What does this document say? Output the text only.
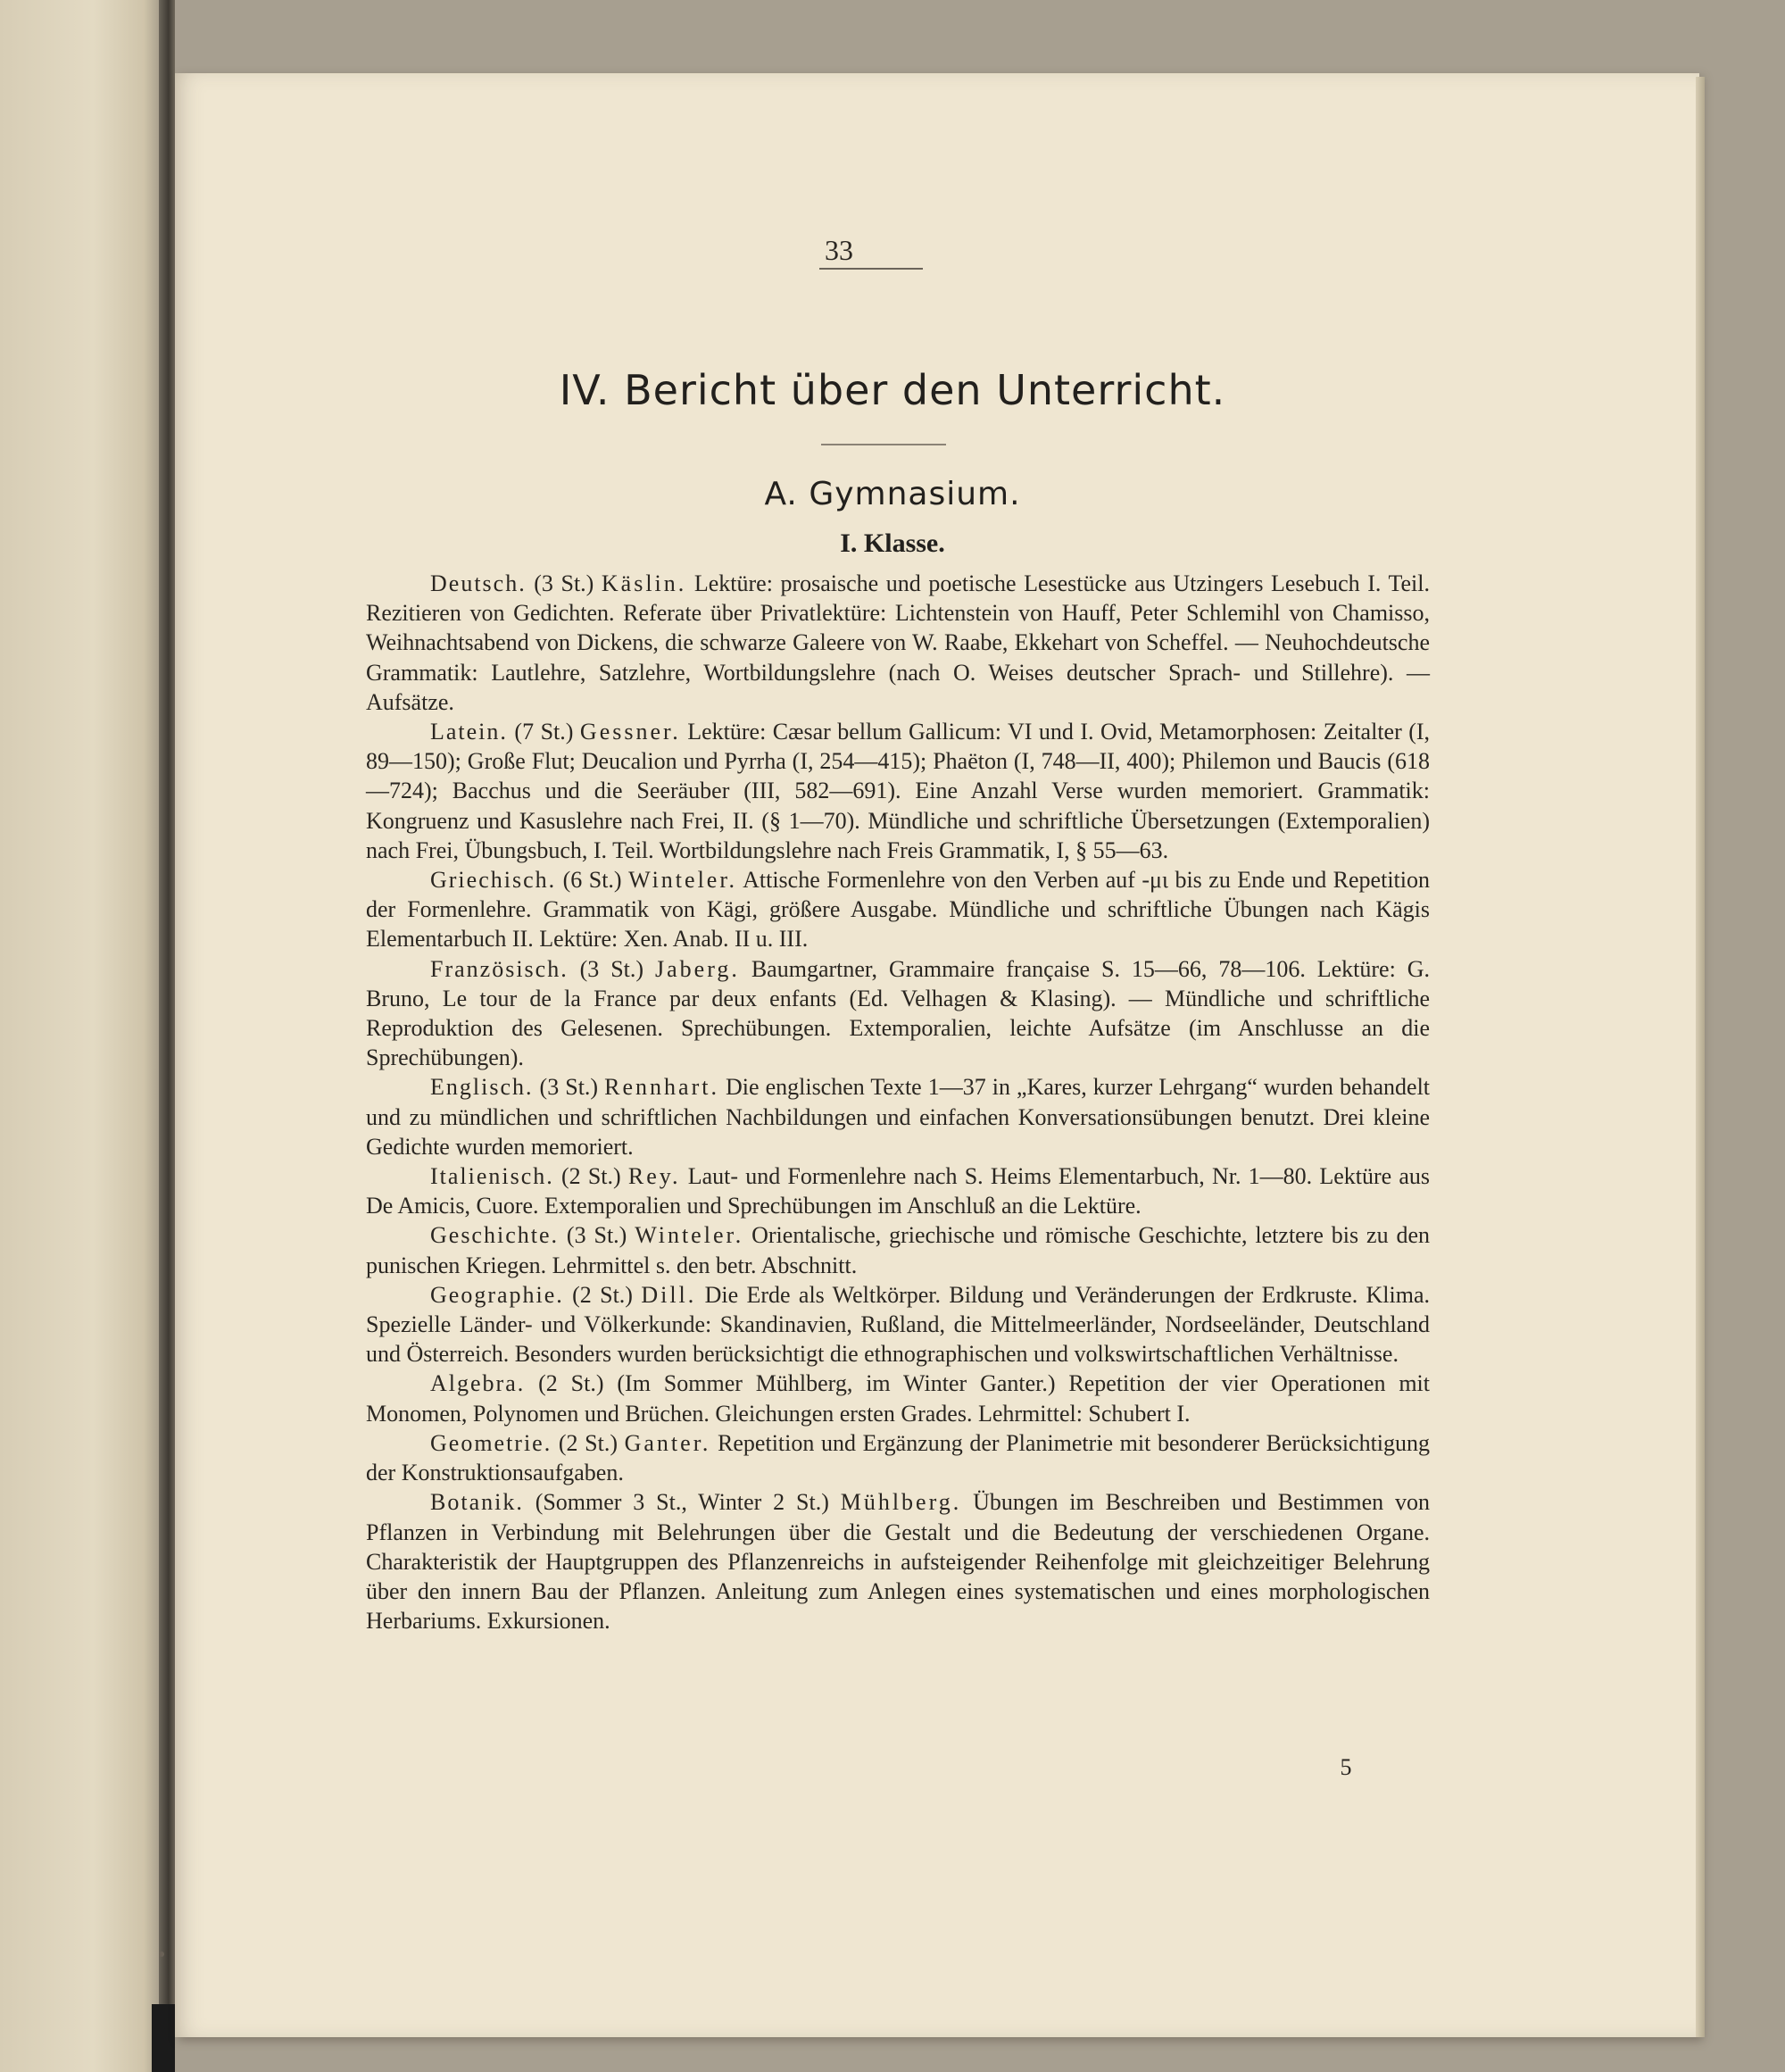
33
IV. Bericht über den Unterricht.
A. Gymnasium.
I. Klasse.

Deutsch. (3 St.) Käslin. Lektüre: prosaische und poetische Lesestücke aus Utzingers Lesebuch I. Teil. Rezitieren von Gedichten. Referate über Privatlektüre: Lichtenstein von Hauff, Peter Schlemihl von Chamisso, Weihnachtsabend von Dickens, die schwarze Galeere von W. Raabe, Ekkehart von Scheffel. — Neuhochdeutsche Grammatik: Lautlehre, Satzlehre, Wortbildungslehre (nach O. Weises deutscher Sprach- und Stillehre). — Aufsätze.

Latein. (7 St.) Gessner. Lektüre: Cæsar bellum Gallicum: VI und I. Ovid, Metamorphosen: Zeitalter (I, 89—150); Große Flut; Deucalion und Pyrrha (I, 254—415); Phaëton (I, 748—II, 400); Philemon und Baucis (618—724); Bacchus und die Seeräuber (III, 582—691). Eine Anzahl Verse wurden memoriert. Grammatik: Kongruenz und Kasuslehre nach Frei, II. (§ 1—70). Mündliche und schriftliche Übersetzungen (Extemporalien) nach Frei, Übungsbuch, I. Teil. Wortbildungslehre nach Freis Grammatik, I, § 55—63.

Griechisch. (6 St.) Winteler. Attische Formenlehre von den Verben auf -μι bis zu Ende und Repetition der Formenlehre. Grammatik von Kägi, größere Ausgabe. Mündliche und schriftliche Übungen nach Kägis Elementarbuch II. Lektüre: Xen. Anab. II u. III.

Französisch. (3 St.) Jaberg. Baumgartner, Grammaire française S. 15—66, 78—106. Lektüre: G. Bruno, Le tour de la France par deux enfants (Ed. Velhagen & Klasing). — Mündliche und schriftliche Reproduktion des Gelesenen. Sprechübungen. Extemporalien, leichte Aufsätze (im Anschlusse an die Sprechübungen).

Englisch. (3 St.) Rennhart. Die englischen Texte 1—37 in „Kares, kurzer Lehrgang“ wurden behandelt und zu mündlichen und schriftlichen Nachbildungen und einfachen Konversationsübungen benutzt. Drei kleine Gedichte wurden memoriert.

Italienisch. (2 St.) Rey. Laut- und Formenlehre nach S. Heims Elementarbuch, Nr. 1—80. Lektüre aus De Amicis, Cuore. Extemporalien und Sprechübungen im Anschluß an die Lektüre.

Geschichte. (3 St.) Winteler. Orientalische, griechische und römische Geschichte, letztere bis zu den punischen Kriegen. Lehrmittel s. den betr. Abschnitt.

Geographie. (2 St.) Dill. Die Erde als Weltkörper. Bildung und Veränderungen der Erdkruste. Klima. Spezielle Länder- und Völkerkunde: Skandinavien, Rußland, die Mittelmeerländer, Nordseeländer, Deutschland und Österreich. Besonders wurden berücksichtigt die ethnographischen und volkswirtschaftlichen Verhältnisse.

Algebra. (2 St.) (Im Sommer Mühlberg, im Winter Ganter.) Repetition der vier Operationen mit Monomen, Polynomen und Brüchen. Gleichungen ersten Grades. Lehrmittel: Schubert I.

Geometrie. (2 St.) Ganter. Repetition und Ergänzung der Planimetrie mit besonderer Berücksichtigung der Konstruktionsaufgaben.

Botanik. (Sommer 3 St., Winter 2 St.) Mühlberg. Übungen im Beschreiben und Bestimmen von Pflanzen in Verbindung mit Belehrungen über die Gestalt und die Bedeutung der verschiedenen Organe. Charakteristik der Hauptgruppen des Pflanzenreichs in aufsteigender Reihenfolge mit gleichzeitiger Belehrung über den innern Bau der Pflanzen. Anleitung zum Anlegen eines systematischen und eines morphologischen Herbariums. Exkursionen.

5
